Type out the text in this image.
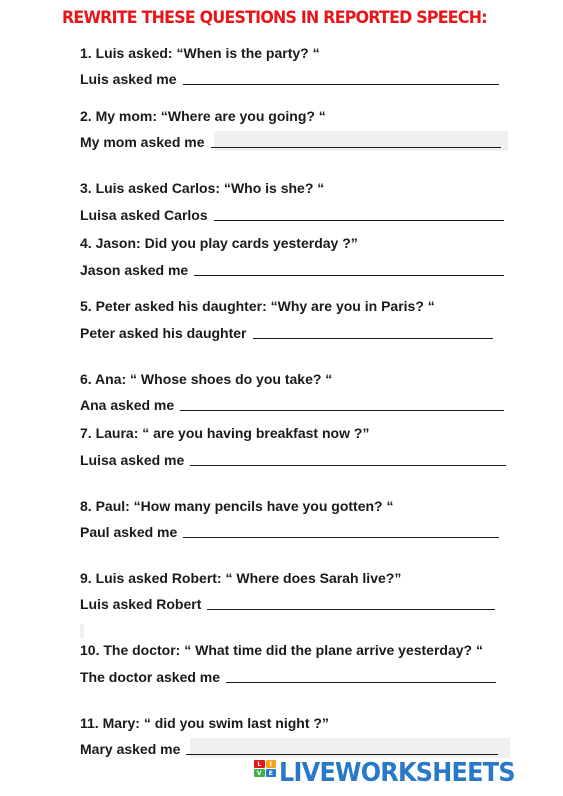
REWRITE THESE QUESTIONS IN REPORTED SPEECH:
1. Luis asked: “When is the party? “
Luis asked me
2. My mom: “Where are you going? “
My mom asked me
3. Luis asked Carlos: “Who is she? “
Luisa asked Carlos
4. Jason: Did you play cards yesterday ?”
Jason asked me
5. Peter asked his daughter: “Why are you in Paris? “
Peter asked his daughter
6. Ana: “ Whose shoes do you take? “
Ana asked me
7. Laura: “ are you having breakfast now ?”
Luisa asked me
8. Paul: “How many pencils have you gotten? “
Paul asked me
9. Luis asked Robert: “ Where does Sarah live?”
Luis asked Robert
10. The doctor: “ What time did the plane arrive yesterday? “
The doctor asked me
11. Mary: “ did you swim last night ?”
Mary asked me
L	I
V	E LIVEWORKSHEETS
